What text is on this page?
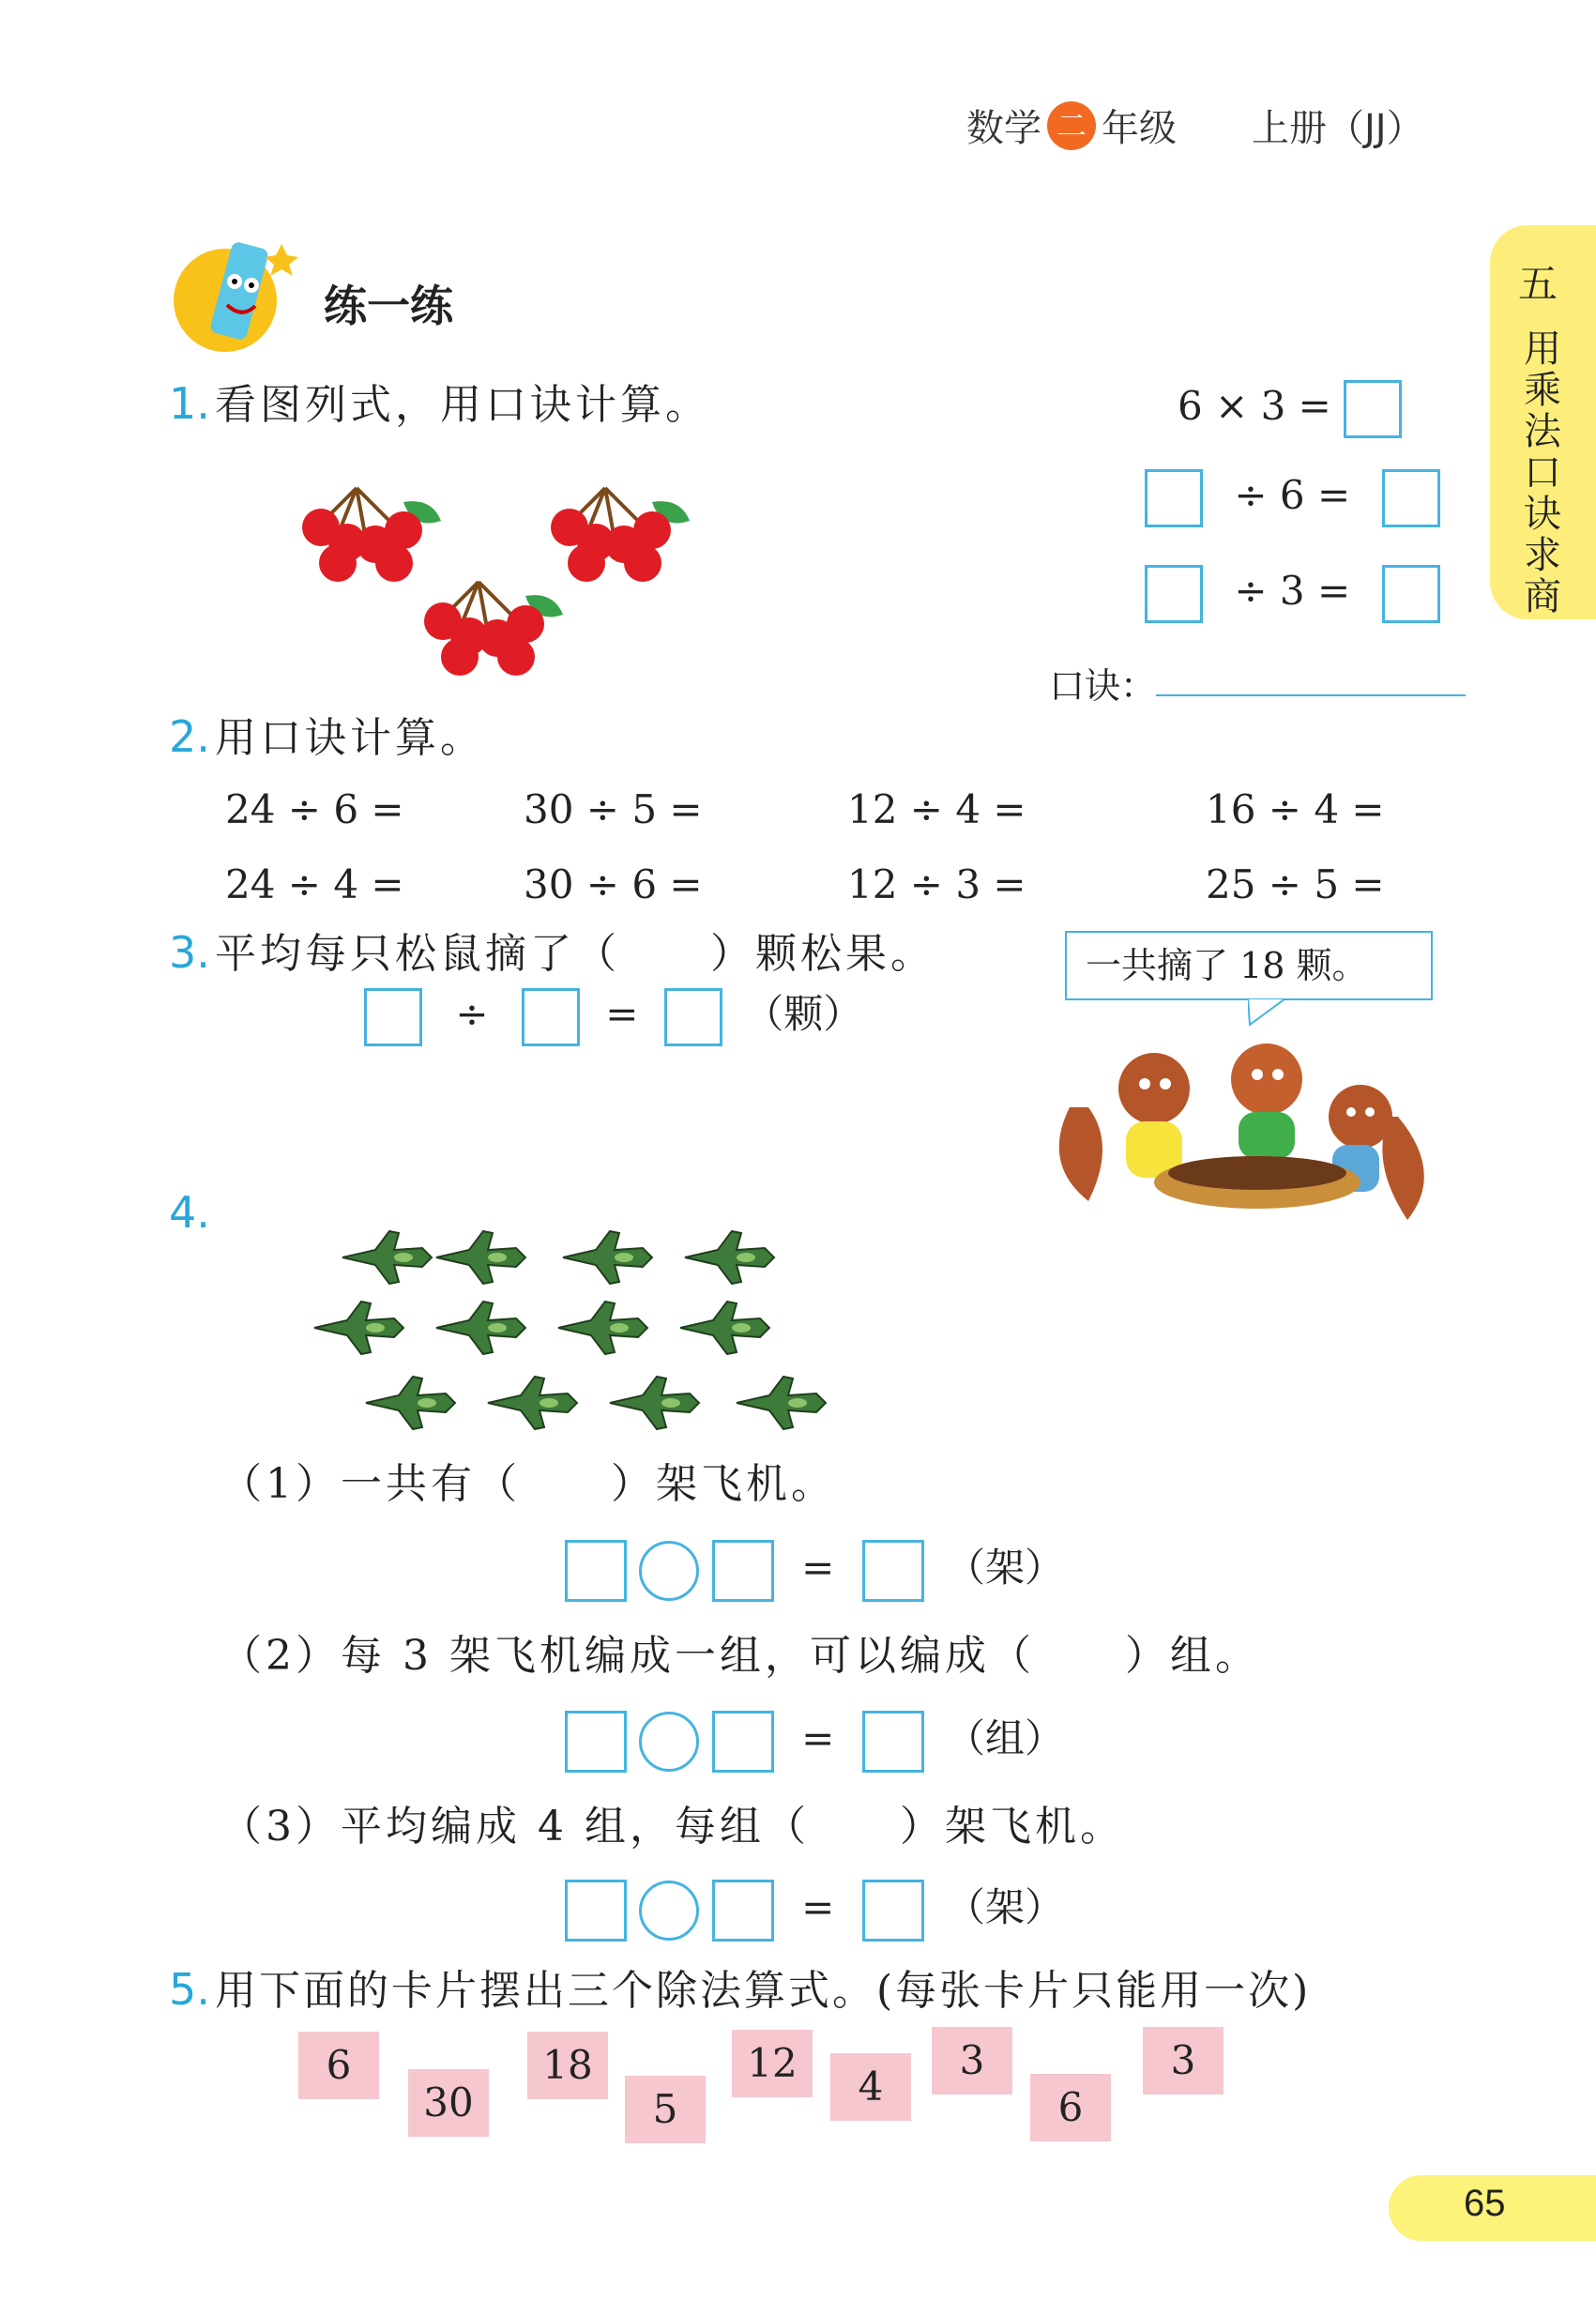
数学 二 年级 上册（JJ）
五
用乘法口诀求商
练一练
1. 看图列式，用口诀计算。	6 × 3 =
÷ 6 =
÷ 3 =
口诀：
2. 用口诀计算。
24 ÷ 6 =	30 ÷ 5 =	12 ÷ 4 =	16 ÷ 4 =
24 ÷ 4 =	30 ÷ 6 =	12 ÷ 3 =	25 ÷ 5 =
3. 平均每只松鼠摘了（　　）颗松果。
÷	=	（颗）
一共摘了 18 颗。
4.
（1）一共有（　　）架飞机。
=	（架）
（2）每 3 架飞机编成一组，可以编成（　　）组。
=	（组）
（3）平均编成 4 组，每组（　　）架飞机。
=	（架）
5. 用下面的卡片摆出三个除法算式。(每张卡片只能用一次)
6
30
18
5
12
4
3
6
3
65
